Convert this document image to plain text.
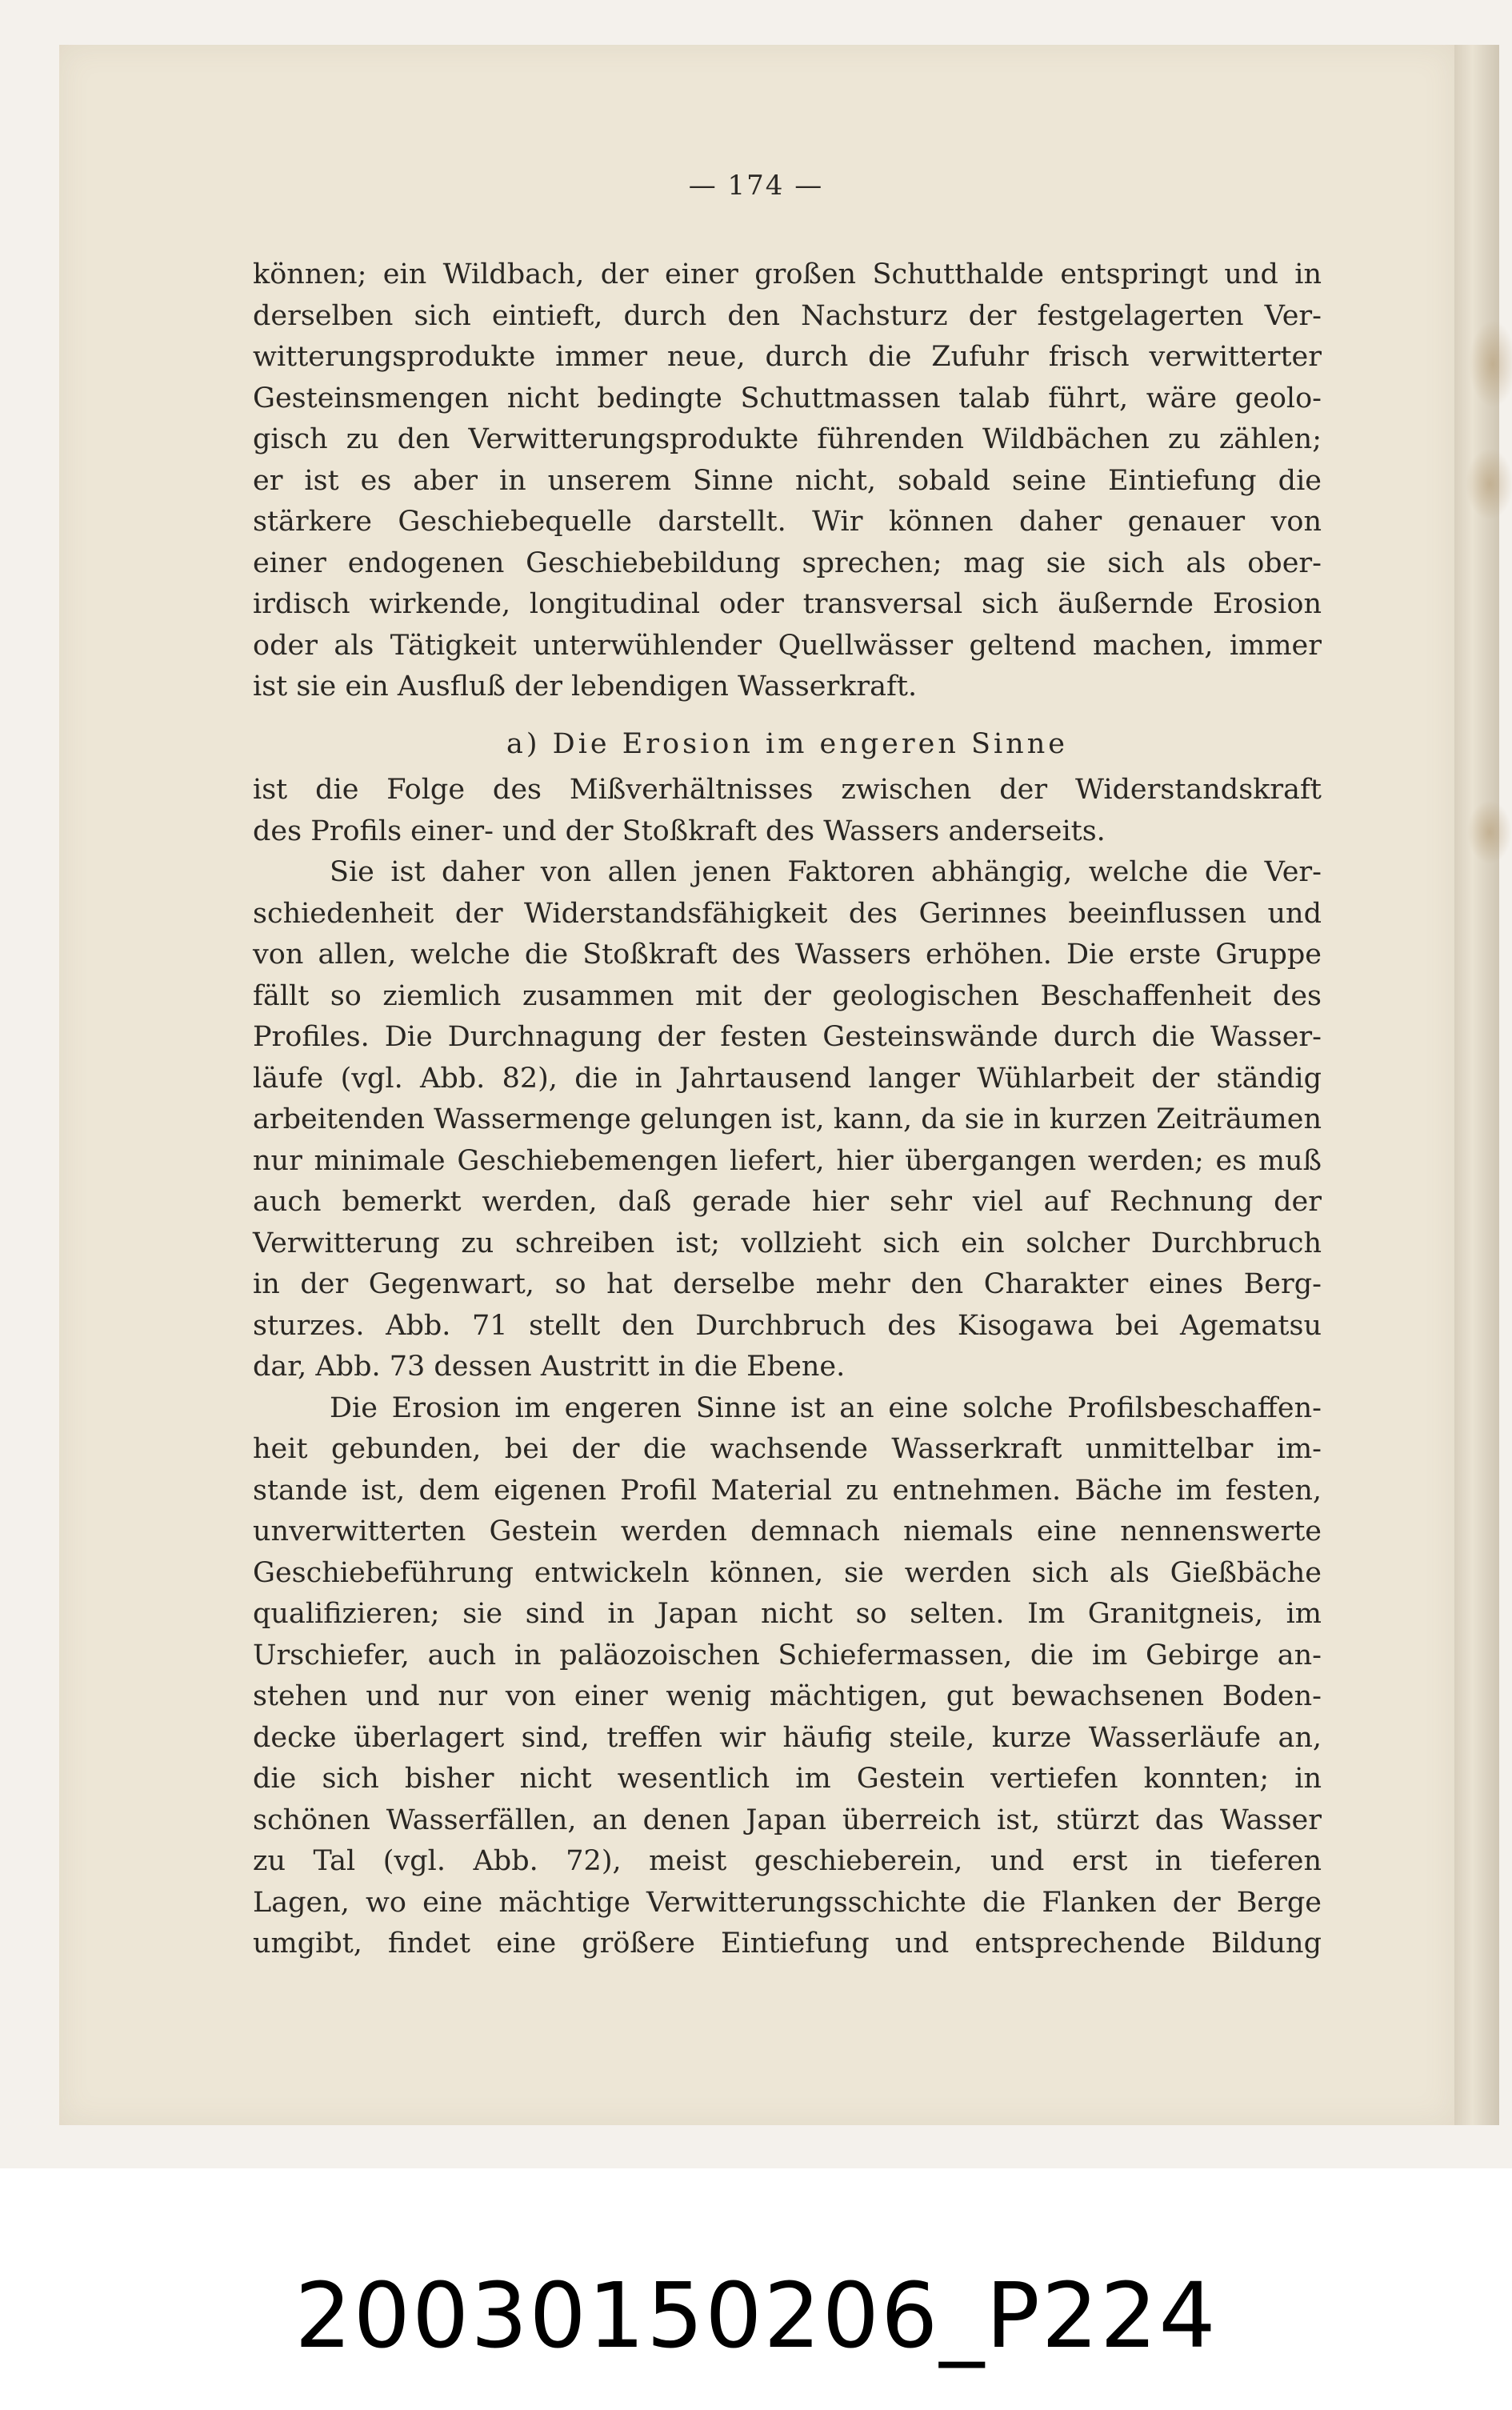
— 174 —
können; ein Wildbach, der einer großen Schutthalde entspringt und in
derselben sich eintieft, durch den Nachsturz der festgelagerten Ver-
witterungsprodukte immer neue, durch die Zufuhr frisch verwitterter
Gesteinsmengen nicht bedingte Schuttmassen talab führt, wäre geolo-
gisch zu den Verwitterungsprodukte führenden Wildbächen zu zählen;
er ist es aber in unserem Sinne nicht, sobald seine Eintiefung die
stärkere Geschiebequelle darstellt. Wir können daher genauer von
einer endogenen Geschiebebildung sprechen; mag sie sich als ober-
irdisch wirkende, longitudinal oder transversal sich äußernde Erosion
oder als Tätigkeit unterwühlender Quellwässer geltend machen, immer
ist sie ein Ausfluß der lebendigen Wasserkraft.
a) Die Erosion im engeren Sinne
ist die Folge des Mißverhältnisses zwischen der Widerstandskraft
des Profils einer- und der Stoßkraft des Wassers anderseits.
Sie ist daher von allen jenen Faktoren abhängig, welche die Ver-
schiedenheit der Widerstandsfähigkeit des Gerinnes beeinflussen und
von allen, welche die Stoßkraft des Wassers erhöhen. Die erste Gruppe
fällt so ziemlich zusammen mit der geologischen Beschaffenheit des
Profiles. Die Durchnagung der festen Gesteinswände durch die Wasser-
läufe (vgl. Abb. 82), die in Jahrtausend langer Wühlarbeit der ständig
arbeitenden Wassermenge gelungen ist, kann, da sie in kurzen Zeiträumen
nur minimale Geschiebemengen liefert, hier übergangen werden; es muß
auch bemerkt werden, daß gerade hier sehr viel auf Rechnung der
Verwitterung zu schreiben ist; vollzieht sich ein solcher Durchbruch
in der Gegenwart, so hat derselbe mehr den Charakter eines Berg-
sturzes. Abb. 71 stellt den Durchbruch des Kisogawa bei Agematsu
dar, Abb. 73 dessen Austritt in die Ebene.
Die Erosion im engeren Sinne ist an eine solche Profilsbeschaffen-
heit gebunden, bei der die wachsende Wasserkraft unmittelbar im-
stande ist, dem eigenen Profil Material zu entnehmen. Bäche im festen,
unverwitterten Gestein werden demnach niemals eine nennenswerte
Geschiebeführung entwickeln können, sie werden sich als Gießbäche
qualifizieren; sie sind in Japan nicht so selten. Im Granitgneis, im
Urschiefer, auch in paläozoischen Schiefermassen, die im Gebirge an-
stehen und nur von einer wenig mächtigen, gut bewachsenen Boden-
decke überlagert sind, treffen wir häufig steile, kurze Wasserläufe an,
die sich bisher nicht wesentlich im Gestein vertiefen konnten; in
schönen Wasserfällen, an denen Japan überreich ist, stürzt das Wasser
zu Tal (vgl. Abb. 72), meist geschieberein, und erst in tieferen
Lagen, wo eine mächtige Verwitterungsschichte die Flanken der Berge
umgibt, findet eine größere Eintiefung und entsprechende Bildung
20030150206_P224
